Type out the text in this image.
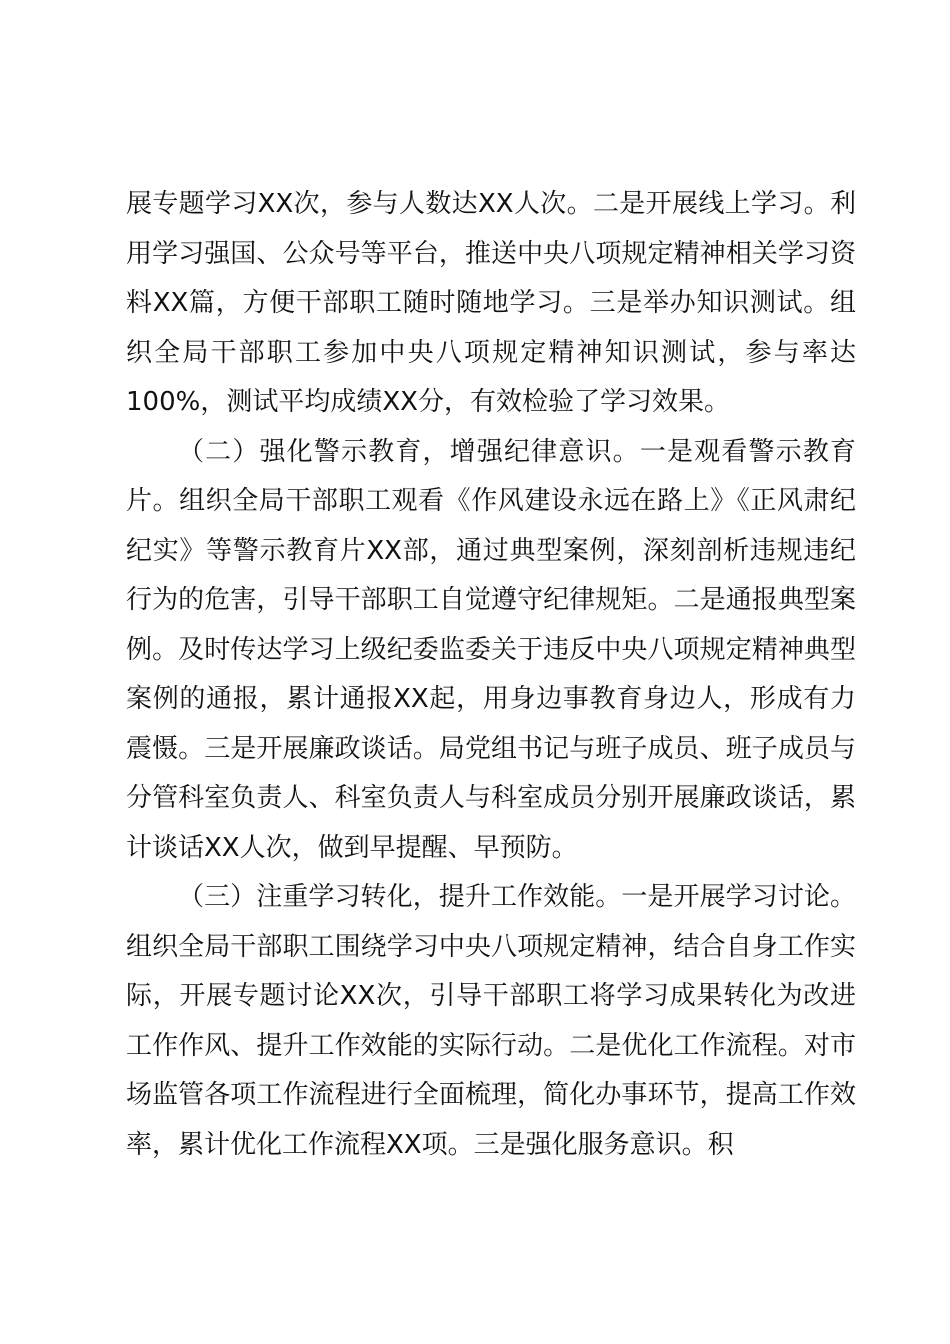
展专题学习XX次，参与人数达XX人次。二是开展线上学习。利用学习强国、公众号等平台，推送中央八项规定精神相关学习资料XX篇，方便干部职工随时随地学习。三是举办知识测试。组织全局干部职工参加中央八项规定精神知识测试，参与率达100%，测试平均成绩XX分，有效检验了学习效果。

（二）强化警示教育，增强纪律意识。一是观看警示教育片。组织全局干部职工观看《作风建设永远在路上》《正风肃纪纪实》等警示教育片XX部，通过典型案例，深刻剖析违规违纪行为的危害，引导干部职工自觉遵守纪律规矩。二是通报典型案例。及时传达学习上级纪委监委关于违反中央八项规定精神典型案例的通报，累计通报XX起，用身边事教育身边人，形成有力震慑。三是开展廉政谈话。局党组书记与班子成员、班子成员与分管科室负责人、科室负责人与科室成员分别开展廉政谈话，累计谈话XX人次，做到早提醒、早预防。

（三）注重学习转化，提升工作效能。一是开展学习讨论。组织全局干部职工围绕学习中央八项规定精神，结合自身工作实际，开展专题讨论XX次，引导干部职工将学习成果转化为改进工作作风、提升工作效能的实际行动。二是优化工作流程。对市场监管各项工作流程进行全面梳理，简化办事环节，提高工作效率，累计优化工作流程XX项。三是强化服务意识。积
